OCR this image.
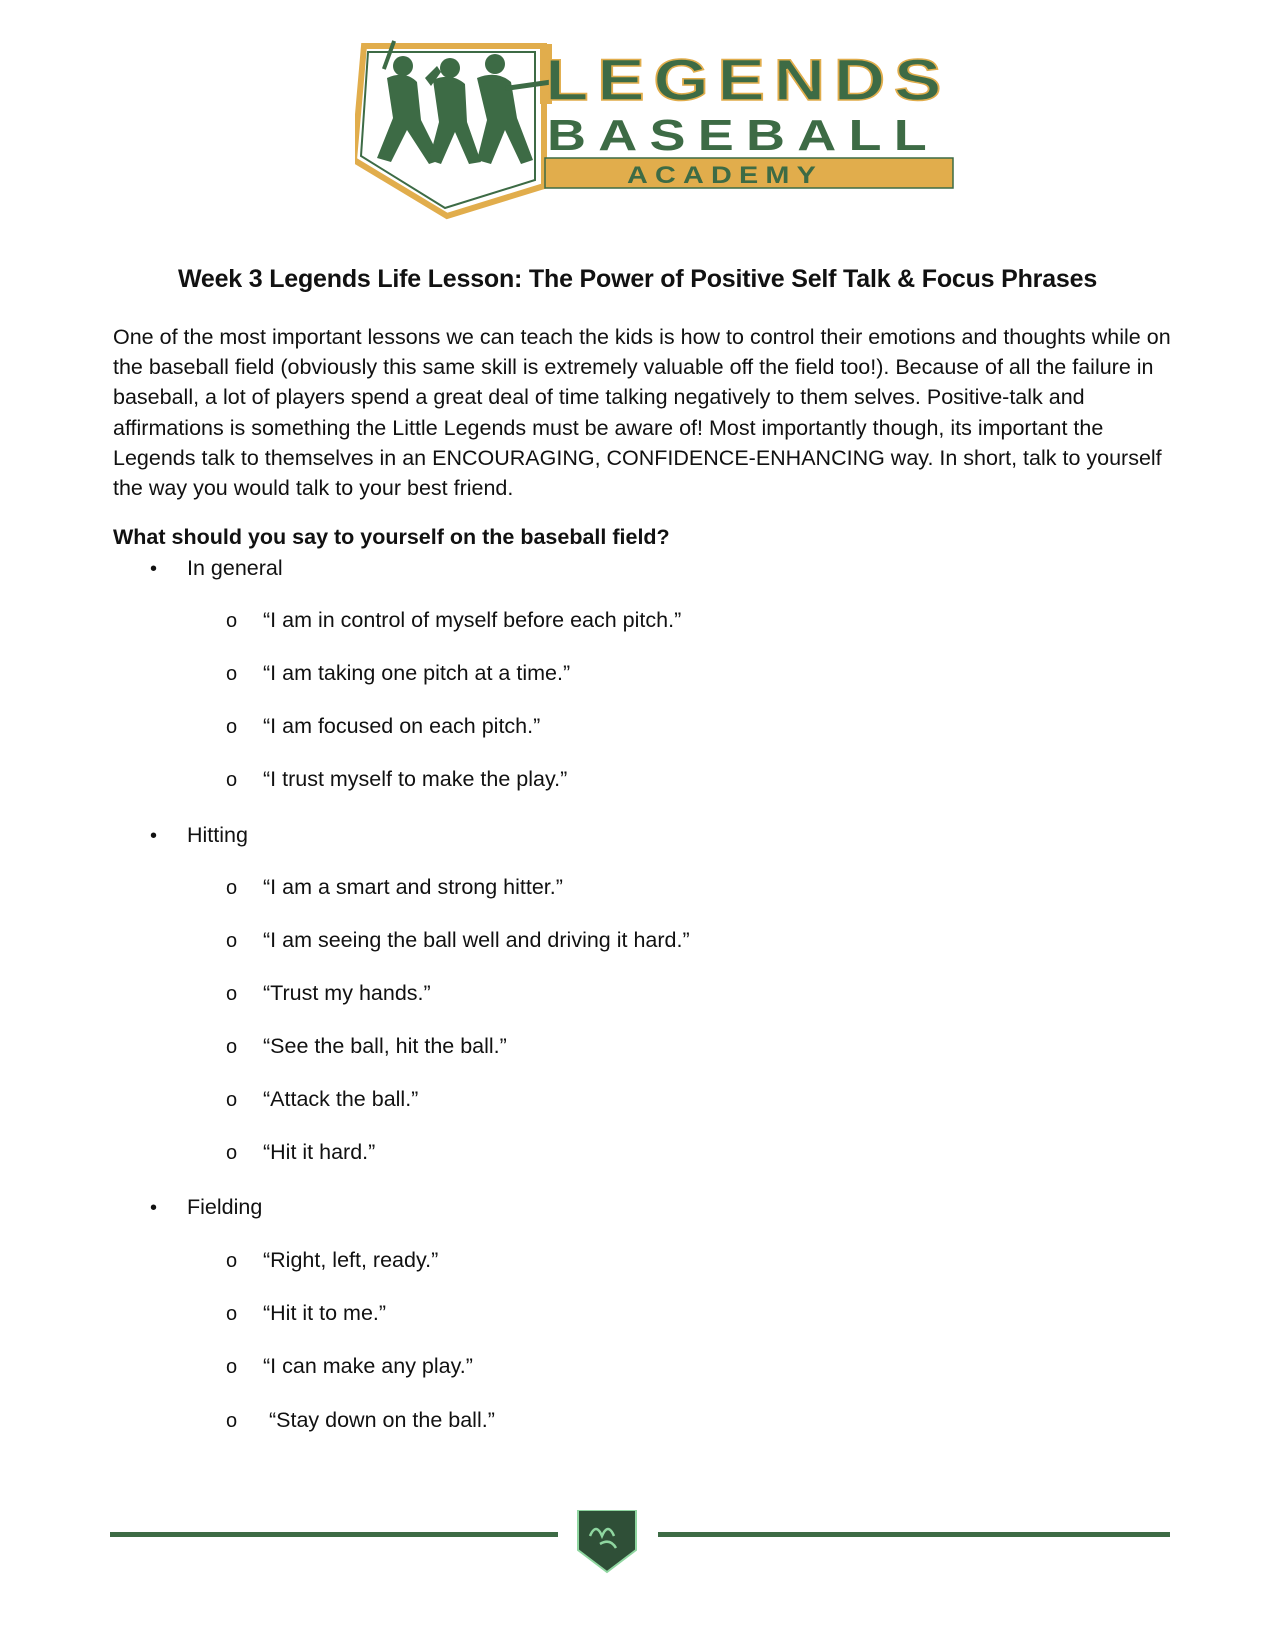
LEGENDS
BASEBALL
ACADEMY
Week 3 Legends Life Lesson: The Power of Positive Self Talk & Focus Phrases

One of the most important lessons we can teach the kids is how to control their emotions and thoughts while on the baseball field (obviously this same skill is extremely valuable off the field too!). Because of all the failure in baseball, a lot of players spend a great deal of time talking negatively to them selves. Positive-talk and affirmations is something the Little Legends must be aware of! Most importantly though, its important the Legends talk to themselves in an ENCOURAGING, CONFIDENCE-ENHANCING way. In short, talk to yourself the way you would talk to your best friend.

What should you say to yourself on the baseball field?
• In general
o “I am in control of myself before each pitch.”
o “I am taking one pitch at a time.”
o “I am focused on each pitch.”
o “I trust myself to make the play.”
• Hitting
o “I am a smart and strong hitter.”
o “I am seeing the ball well and driving it hard.”
o “Trust my hands.”
o “See the ball, hit the ball.”
o “Attack the ball.”
o “Hit it hard.”
• Fielding
o “Right, left, ready.”
o “Hit it to me.”
o “I can make any play.”
o “Stay down on the ball.”
